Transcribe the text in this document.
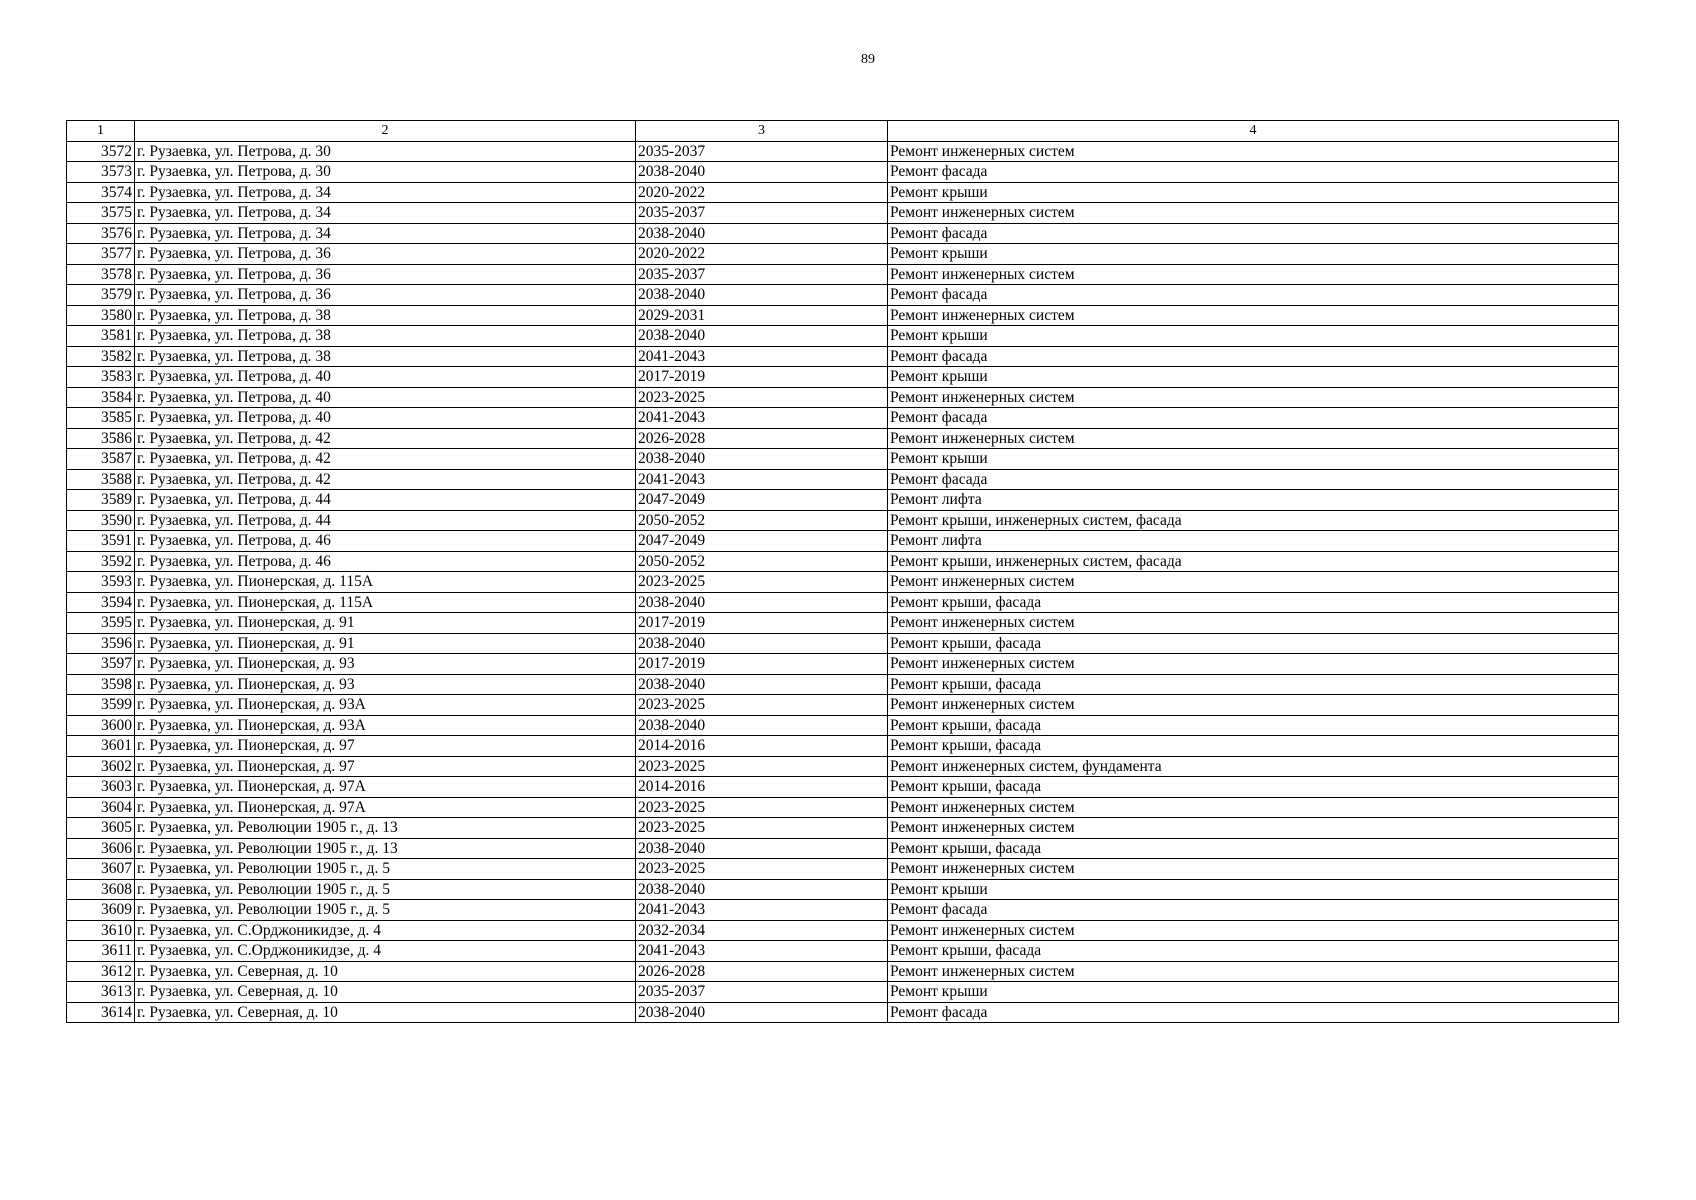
89
1	2	3	4
3572	г. Рузаевка, ул. Петрова, д. 30	2035-2037	Ремонт инженерных систем
3573	г. Рузаевка, ул. Петрова, д. 30	2038-2040	Ремонт фасада
3574	г. Рузаевка, ул. Петрова, д. 34	2020-2022	Ремонт крыши
3575	г. Рузаевка, ул. Петрова, д. 34	2035-2037	Ремонт инженерных систем
3576	г. Рузаевка, ул. Петрова, д. 34	2038-2040	Ремонт фасада
3577	г. Рузаевка, ул. Петрова, д. 36	2020-2022	Ремонт крыши
3578	г. Рузаевка, ул. Петрова, д. 36	2035-2037	Ремонт инженерных систем
3579	г. Рузаевка, ул. Петрова, д. 36	2038-2040	Ремонт фасада
3580	г. Рузаевка, ул. Петрова, д. 38	2029-2031	Ремонт инженерных систем
3581	г. Рузаевка, ул. Петрова, д. 38	2038-2040	Ремонт крыши
3582	г. Рузаевка, ул. Петрова, д. 38	2041-2043	Ремонт фасада
3583	г. Рузаевка, ул. Петрова, д. 40	2017-2019	Ремонт крыши
3584	г. Рузаевка, ул. Петрова, д. 40	2023-2025	Ремонт инженерных систем
3585	г. Рузаевка, ул. Петрова, д. 40	2041-2043	Ремонт фасада
3586	г. Рузаевка, ул. Петрова, д. 42	2026-2028	Ремонт инженерных систем
3587	г. Рузаевка, ул. Петрова, д. 42	2038-2040	Ремонт крыши
3588	г. Рузаевка, ул. Петрова, д. 42	2041-2043	Ремонт фасада
3589	г. Рузаевка, ул. Петрова, д. 44	2047-2049	Ремонт лифта
3590	г. Рузаевка, ул. Петрова, д. 44	2050-2052	Ремонт крыши, инженерных систем, фасада
3591	г. Рузаевка, ул. Петрова, д. 46	2047-2049	Ремонт лифта
3592	г. Рузаевка, ул. Петрова, д. 46	2050-2052	Ремонт крыши, инженерных систем, фасада
3593	г. Рузаевка, ул. Пионерская, д. 115А	2023-2025	Ремонт инженерных систем
3594	г. Рузаевка, ул. Пионерская, д. 115А	2038-2040	Ремонт крыши, фасада
3595	г. Рузаевка, ул. Пионерская, д. 91	2017-2019	Ремонт инженерных систем
3596	г. Рузаевка, ул. Пионерская, д. 91	2038-2040	Ремонт крыши, фасада
3597	г. Рузаевка, ул. Пионерская, д. 93	2017-2019	Ремонт инженерных систем
3598	г. Рузаевка, ул. Пионерская, д. 93	2038-2040	Ремонт крыши, фасада
3599	г. Рузаевка, ул. Пионерская, д. 93А	2023-2025	Ремонт инженерных систем
3600	г. Рузаевка, ул. Пионерская, д. 93А	2038-2040	Ремонт крыши, фасада
3601	г. Рузаевка, ул. Пионерская, д. 97	2014-2016	Ремонт крыши, фасада
3602	г. Рузаевка, ул. Пионерская, д. 97	2023-2025	Ремонт инженерных систем, фундамента
3603	г. Рузаевка, ул. Пионерская, д. 97А	2014-2016	Ремонт крыши, фасада
3604	г. Рузаевка, ул. Пионерская, д. 97А	2023-2025	Ремонт инженерных систем
3605	г. Рузаевка, ул. Революции 1905 г., д. 13	2023-2025	Ремонт инженерных систем
3606	г. Рузаевка, ул. Революции 1905 г., д. 13	2038-2040	Ремонт крыши, фасада
3607	г. Рузаевка, ул. Революции 1905 г., д. 5	2023-2025	Ремонт инженерных систем
3608	г. Рузаевка, ул. Революции 1905 г., д. 5	2038-2040	Ремонт крыши
3609	г. Рузаевка, ул. Революции 1905 г., д. 5	2041-2043	Ремонт фасада
3610	г. Рузаевка, ул. С.Орджоникидзе, д. 4	2032-2034	Ремонт инженерных систем
3611	г. Рузаевка, ул. С.Орджоникидзе, д. 4	2041-2043	Ремонт крыши, фасада
3612	г. Рузаевка, ул. Северная, д. 10	2026-2028	Ремонт инженерных систем
3613	г. Рузаевка, ул. Северная, д. 10	2035-2037	Ремонт крыши
3614	г. Рузаевка, ул. Северная, д. 10	2038-2040	Ремонт фасада
